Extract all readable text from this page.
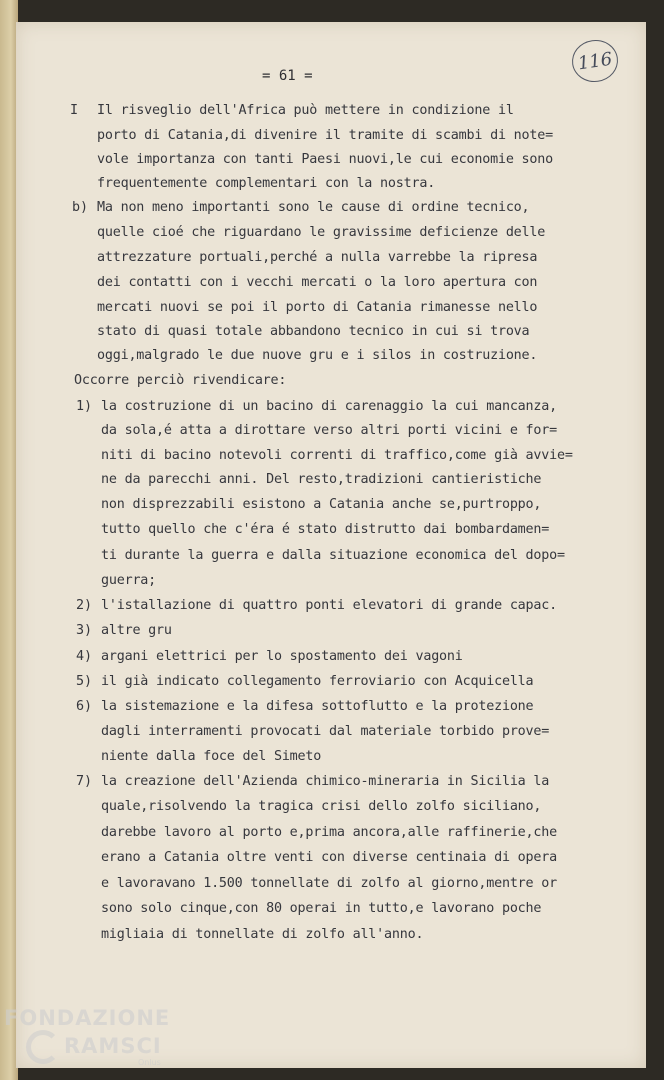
= 61 =
116
I
b)
1)
2)
3)
4)
5)
6)
7)
Il risveglio dell'Africa può mettere in condizione il
porto di Catania,di divenire il tramite di scambi di note=
vole importanza con tanti Paesi nuovi,le cui economie sono
frequentemente complementari con la nostra.
Ma non meno importanti sono le cause di ordine tecnico,
quelle cioé che riguardano le gravissime deficienze delle
attrezzature portuali,perché a nulla varrebbe la ripresa
dei contatti con i vecchi mercati o la loro apertura con
mercati nuovi se poi il porto di Catania rimanesse nello
stato di quasi totale abbandono tecnico in cui si trova
oggi,malgrado le due nuove gru e i silos in costruzione.
Occorre perciò rivendicare:
la costruzione di un bacino di carenaggio la cui mancanza,
da sola,é atta a dirottare verso altri porti vicini e for=
niti di bacino notevoli correnti di traffico,come già avvie=
ne da parecchi anni. Del resto,tradizioni cantieristiche
non disprezzabili esistono a Catania anche se,purtroppo,
tutto quello che c'éra é stato distrutto dai bombardamen=
ti durante la guerra e dalla situazione economica del dopo=
guerra;
l'istallazione di quattro ponti elevatori di grande capac.
altre gru
argani elettrici per lo spostamento dei vagoni
il già indicato collegamento ferroviario con Acquicella
la sistemazione e la difesa sottoflutto e la protezione
dagli interramenti provocati dal materiale torbido prove=
niente dalla foce del Simeto
la creazione dell'Azienda chimico-mineraria in Sicilia la
quale,risolvendo la tragica crisi dello zolfo siciliano,
darebbe lavoro al porto e,prima ancora,alle raffinerie,che
erano a Catania oltre venti con diverse centinaia di opera
e lavoravano 1.500 tonnellate di zolfo al giorno,mentre or
sono solo cinque,con 80 operai in tutto,e lavorano poche
migliaia di tonnellate di zolfo all'anno.
FONDAZIONE
RAMSCI
Onlus
